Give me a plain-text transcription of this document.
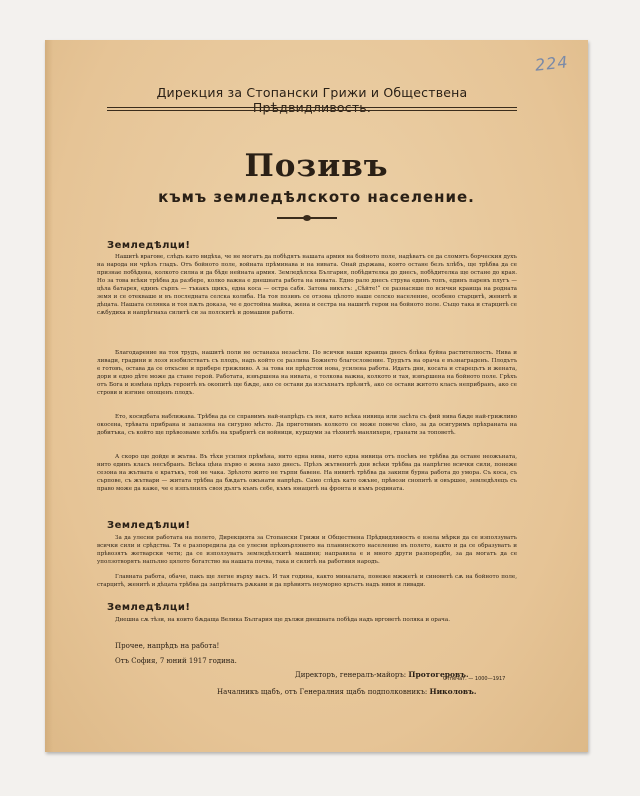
224
Дирекция за Стопански Грижи и Обществена Прѣдвидливость.
Позивъ
къмъ земледѣлското население.
Земледѣлци!
Нашитѣ врагове, слѣдъ като видѣха, че не могатъ да побѣдятъ нашата армия на бойното поле, надѣватъ се да сломятъ борческия духъ на народа ни чрѣзъ гладъ. Отъ бойното поле, войната прѣминава и на нивата. Онай държава, която остане безъ хлѣбъ, ще трѣбва да се признае побѣдена, колкото силна и да бѣде нейната армия. Земледѣлска България, побѣдителка до днесъ, побѣдителка ще остане до края. Но за това всѣки трѣбва да разбере, колко важна е днешната работа на нивата. Едно рало днесъ струва единъ топъ, единъ паренъ плугъ — цѣла батарея, единъ сърпъ — тъкакъ щикъ, една коса — остра сабя. Затова викътъ: „Сѣйте!“ се разнасяше по всички краища на родната земя и се отекваше и въ последната селска колиба. На тоя позивъ се отзова цѣлото наше селско население, особено старцитѣ, женитѣ и дѣцата. Нашата селянка и тоя пѫть доказа, че е достойна майка, жена и сестра на нашитѣ герои на бойното поле. Също така и старцитѣ се сѫбудиха и напрѣгнаха силитѣ си за полскитѣ и домашни работи.
Благодарение на тоя трудъ, нашитѣ поли не останаха незасѣти. По всички наши краища днесъ блѣка буйна растителность. Нива и ливади, градини и лозя изобилстватъ съ плодъ, надъ който се разлива Божието благословение. Трудътъ на орача е възнаграденъ. Плодътъ е готовъ, остава да се откъсне и прибере грижливо. А за това ни прѣдстои нова, усилена работа. Идатъ дни, косата и старецътъ и жената, дори и едно дѣте може да стане герой. Работата, извършена на нивата, е толкова важна, колкото и тая, извършена на бойното поле. Грѣхъ отъ Бога и измѣна прѣдъ героитѣ въ окопитѣ ще бѫде, ако се остави да изсъхнатъ прѣзитѣ, ако се остави житото класъ неприбранъ, ако се строви и изгние опощенъ плодъ.
Ето, косидбата наближава. Трѣбва да се справимъ най-напрѣдъ съ нея, като всѣка нивица или засѣта съ фий нива бѫде най-грижливо окосена, трѣвата прибрана и запазена на сигурно мѣсто. Да приготвимъ колкото се може повече сѣно, за да осигуримъ прѣхраната на добитъка, съ който ще прѣвозваме хлѣбъ на храбритѣ си войници, куршуми за тѣхнитѣ манлихери, гранати за топоветѣ.
А скоро ще дойде и жътва. Въ тѣхи усилия прѣмѣна, нито една нива, нито една нивица отъ посѣвъ не трѣбва да остане неожъната, нито единъ класъ несъбранъ. Всѣка цѣна първо е жена захо днесъ. Прѣзъ жътвенитѣ дни всѣки трѣбва да напрѣгне всички сили, понеже сезона на жътвата е кратъкъ, той не чака. Зрѣлото жито не търпи бавене. На нивитѣ трѣбва да закипи бурна работа до умора. Съ коса, съ сърпове, съ жътвари — житата трѣбва да бѫдатъ ожънати напрѣдъ. Само слѣдъ като ожъне, прѣвози снопитѣ и овършее, земледѣлецъ съ право може да каже, че е изпълнилъ своя дългъ къмъ себе, къмъ юнацитѣ на фронта и къмъ родината.
Земледѣлци!
За да улесни работата на полето, Дирекцията за Стопански Грижи и Обществена Прѣдвидливость е взела мѣрки да се използуватъ всички сили и срѣдства. Тя е разпоредила да се улесни прѣхвърлянето на планинското население въ полето, както и да се образуватъ и прѣвозятъ жетварски чети; да се използуватъ земледѣлскитѣ машини; направила е и много други разпоредби, за да могатъ да се уползотворятъ напълно цялото богатство на нашата почва, така и силитѣ на работния народъ.
Главната работа, обаче, пакъ ще легне върху васъ. И тая година, както миналата, понеже мжжетѣ и синоветѣ сѫ на бойното поле, старцитѣ, женитѣ и дѣцата трѣбва да запрѣтнатъ рѫкави и да прѣвиятъ неуморно кръстъ надъ нивя и ливади.
Земледѣлци!
Днешна сѫ тѣзи, на които бѫдаща Велика България ще дължи днешната побѣда надъ врговетѣ поляка и орача.
Прочее, напрѣдъ на работа!
Отъ София, 7 юний 1917 година.
Директоръ, генералъ-майоръ: Протогеровъ.
Началникъ щабъ, отъ Генералния щабъ подполковникъ: Николовъ.
Отпечат. — 1000—1917
